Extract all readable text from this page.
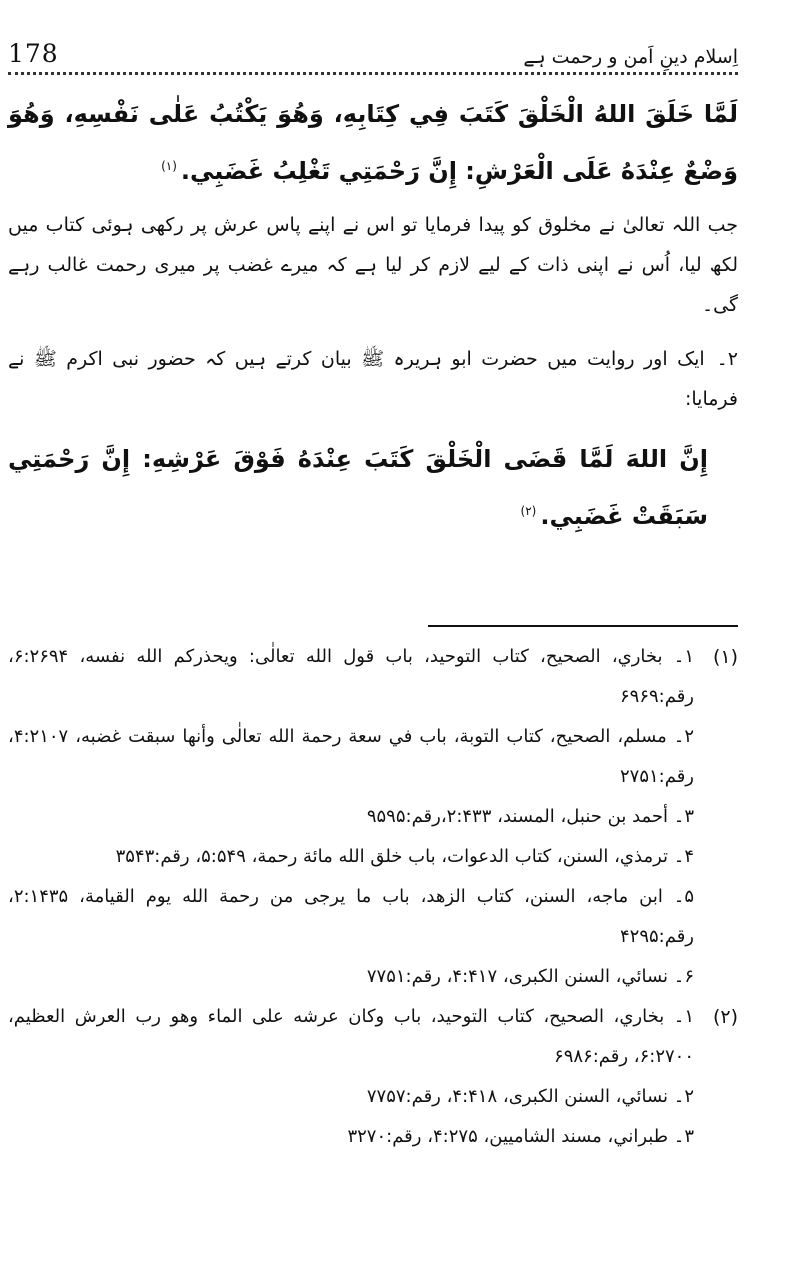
178	اِسلام دینِ اَمن و رحمت ہے

لَمَّا خَلَقَ اللهُ الْخَلْقَ كَتَبَ فِي كِتَابِهِ، وَهُوَ يَكْتُبُ عَلٰى نَفْسِهِ، وَهُوَ وَضْعٌ عِنْدَهُ عَلَى الْعَرْشِ: إِنَّ رَحْمَتِي تَغْلِبُ غَضَبِي.$^{(۱)}$

جب اللہ تعالیٰ نے مخلوق کو پیدا فرمایا تو اس نے اپنے پاس عرش پر رکھی ہوئی کتاب میں لکھ لیا، اُس نے اپنی ذات کے لیے لازم کر لیا ہے کہ میرے غضب پر میری رحمت غالب رہے گی۔

۲۔ایک اور روایت میں حضرت ابو ہریرہ ﷺ بیان کرتے ہیں کہ حضور نبی اکرم ﷺ نے فرمایا:

إِنَّ اللهَ لَمَّا قَضَى الْخَلْقَ كَتَبَ عِنْدَهُ فَوْقَ عَرْشِهِ: إِنَّ رَحْمَتِي سَبَقَتْ غَضَبِي.$^{(۲)}$

(۱)
۱۔ بخاري، الصحيح، كتاب التوحيد، باب قول الله تعالٰى: ويحذركم الله نفسه، ۶:۲۶۹۴، رقم:۶۹۶۹
۲۔ مسلم، الصحيح، كتاب التوبة، باب في سعة رحمة الله تعالٰى وأنها سبقت غضبه، ۴:۲۱۰۷، رقم:۲۷۵۱
۳۔ أحمد بن حنبل، المسند، ۲:۴۳۳،رقم:۹۵۹۵
۴۔ ترمذي، السنن، كتاب الدعوات، باب خلق الله مائة رحمة، ۵:۵۴۹، رقم:۳۵۴۳
۵۔ ابن ماجه، السنن، كتاب الزهد، باب ما يرجى من رحمة الله يوم القيامة، ۲:۱۴۳۵، رقم:۴۲۹۵
۶۔ نسائي، السنن الكبرى، ۴:۴۱۷، رقم:۷۷۵۱
(۲)
۱۔ بخاري، الصحيح، كتاب التوحيد، باب وكان عرشه على الماء وهو رب العرش العظيم، ۶:۲۷۰۰، رقم:۶۹۸۶
۲۔ نسائي، السنن الكبرى، ۴:۴۱۸، رقم:۷۷۵۷
۳۔ طبراني، مسند الشاميين، ۴:۲۷۵، رقم:۳۲۷۰
